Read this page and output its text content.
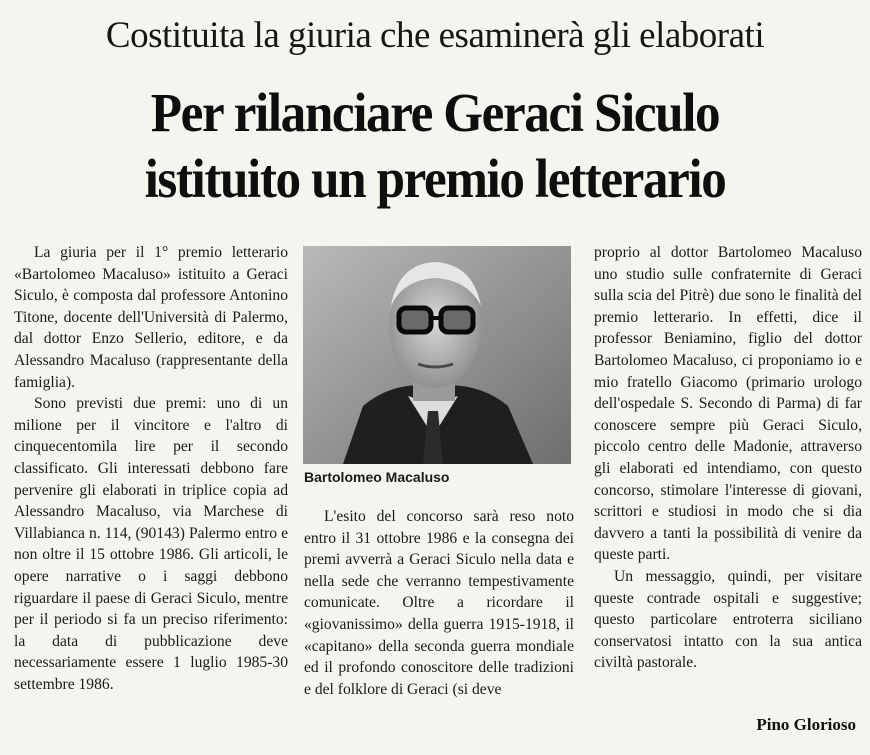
Costituita la giuria che esaminerà gli elaborati
Per rilanciare Geraci Siculo
istituito un premio letterario

La giuria per il 1° premio letterario «Bartolomeo Macaluso» istituito a Geraci Siculo, è composta dal professore Antonino Titone, docente dell'Università di Palermo, dal dottor Enzo Sellerio, editore, e da Alessandro Macaluso (rappresentante della famiglia).

Sono previsti due premi: uno di un milione per il vincitore e l'altro di cinquecentomila lire per il secondo classificato. Gli interessati debbono fare pervenire gli elaborati in triplice copia ad Alessandro Macaluso, via Marchese di Villabianca n. 114, (90143) Palermo entro e non oltre il 15 ottobre 1986. Gli articoli, le opere narrative o i saggi debbono riguardare il paese di Geraci Siculo, mentre per il periodo si fa un preciso riferimento: la data di pubblicazione deve necessariamente essere 1 luglio 1985-30 settembre 1986.

Bartolomeo Macaluso

L'esito del concorso sarà reso noto entro il 31 ottobre 1986 e la consegna dei premi avverrà a Geraci Siculo nella data e nella sede che verranno tempestivamente comunicate. Oltre a ricordare il «giovanissimo» della guerra 1915-1918, il «capitano» della seconda guerra mondiale ed il profondo conoscitore delle tradizioni e del folklore di Geraci (si deve

proprio al dottor Bartolomeo Macaluso uno studio sulle confraternite di Geraci sulla scia del Pitrè) due sono le finalità del premio letterario. In effetti, dice il professor Beniamino, figlio del dottor Bartolomeo Macaluso, ci proponiamo io e mio fratello Giacomo (primario urologo dell'ospedale S. Secondo di Parma) di far conoscere sempre più Geraci Siculo, piccolo centro delle Madonie, attraverso gli elaborati ed intendiamo, con questo concorso, stimolare l'interesse di giovani, scrittori e studiosi in modo che si dia davvero a tanti la possibilità di venire da queste parti.

Un messaggio, quindi, per visitare queste contrade ospitali e suggestive; questo particolare entroterra siciliano conservatosi intatto con la sua antica civiltà pastorale.

Pino Glorioso
